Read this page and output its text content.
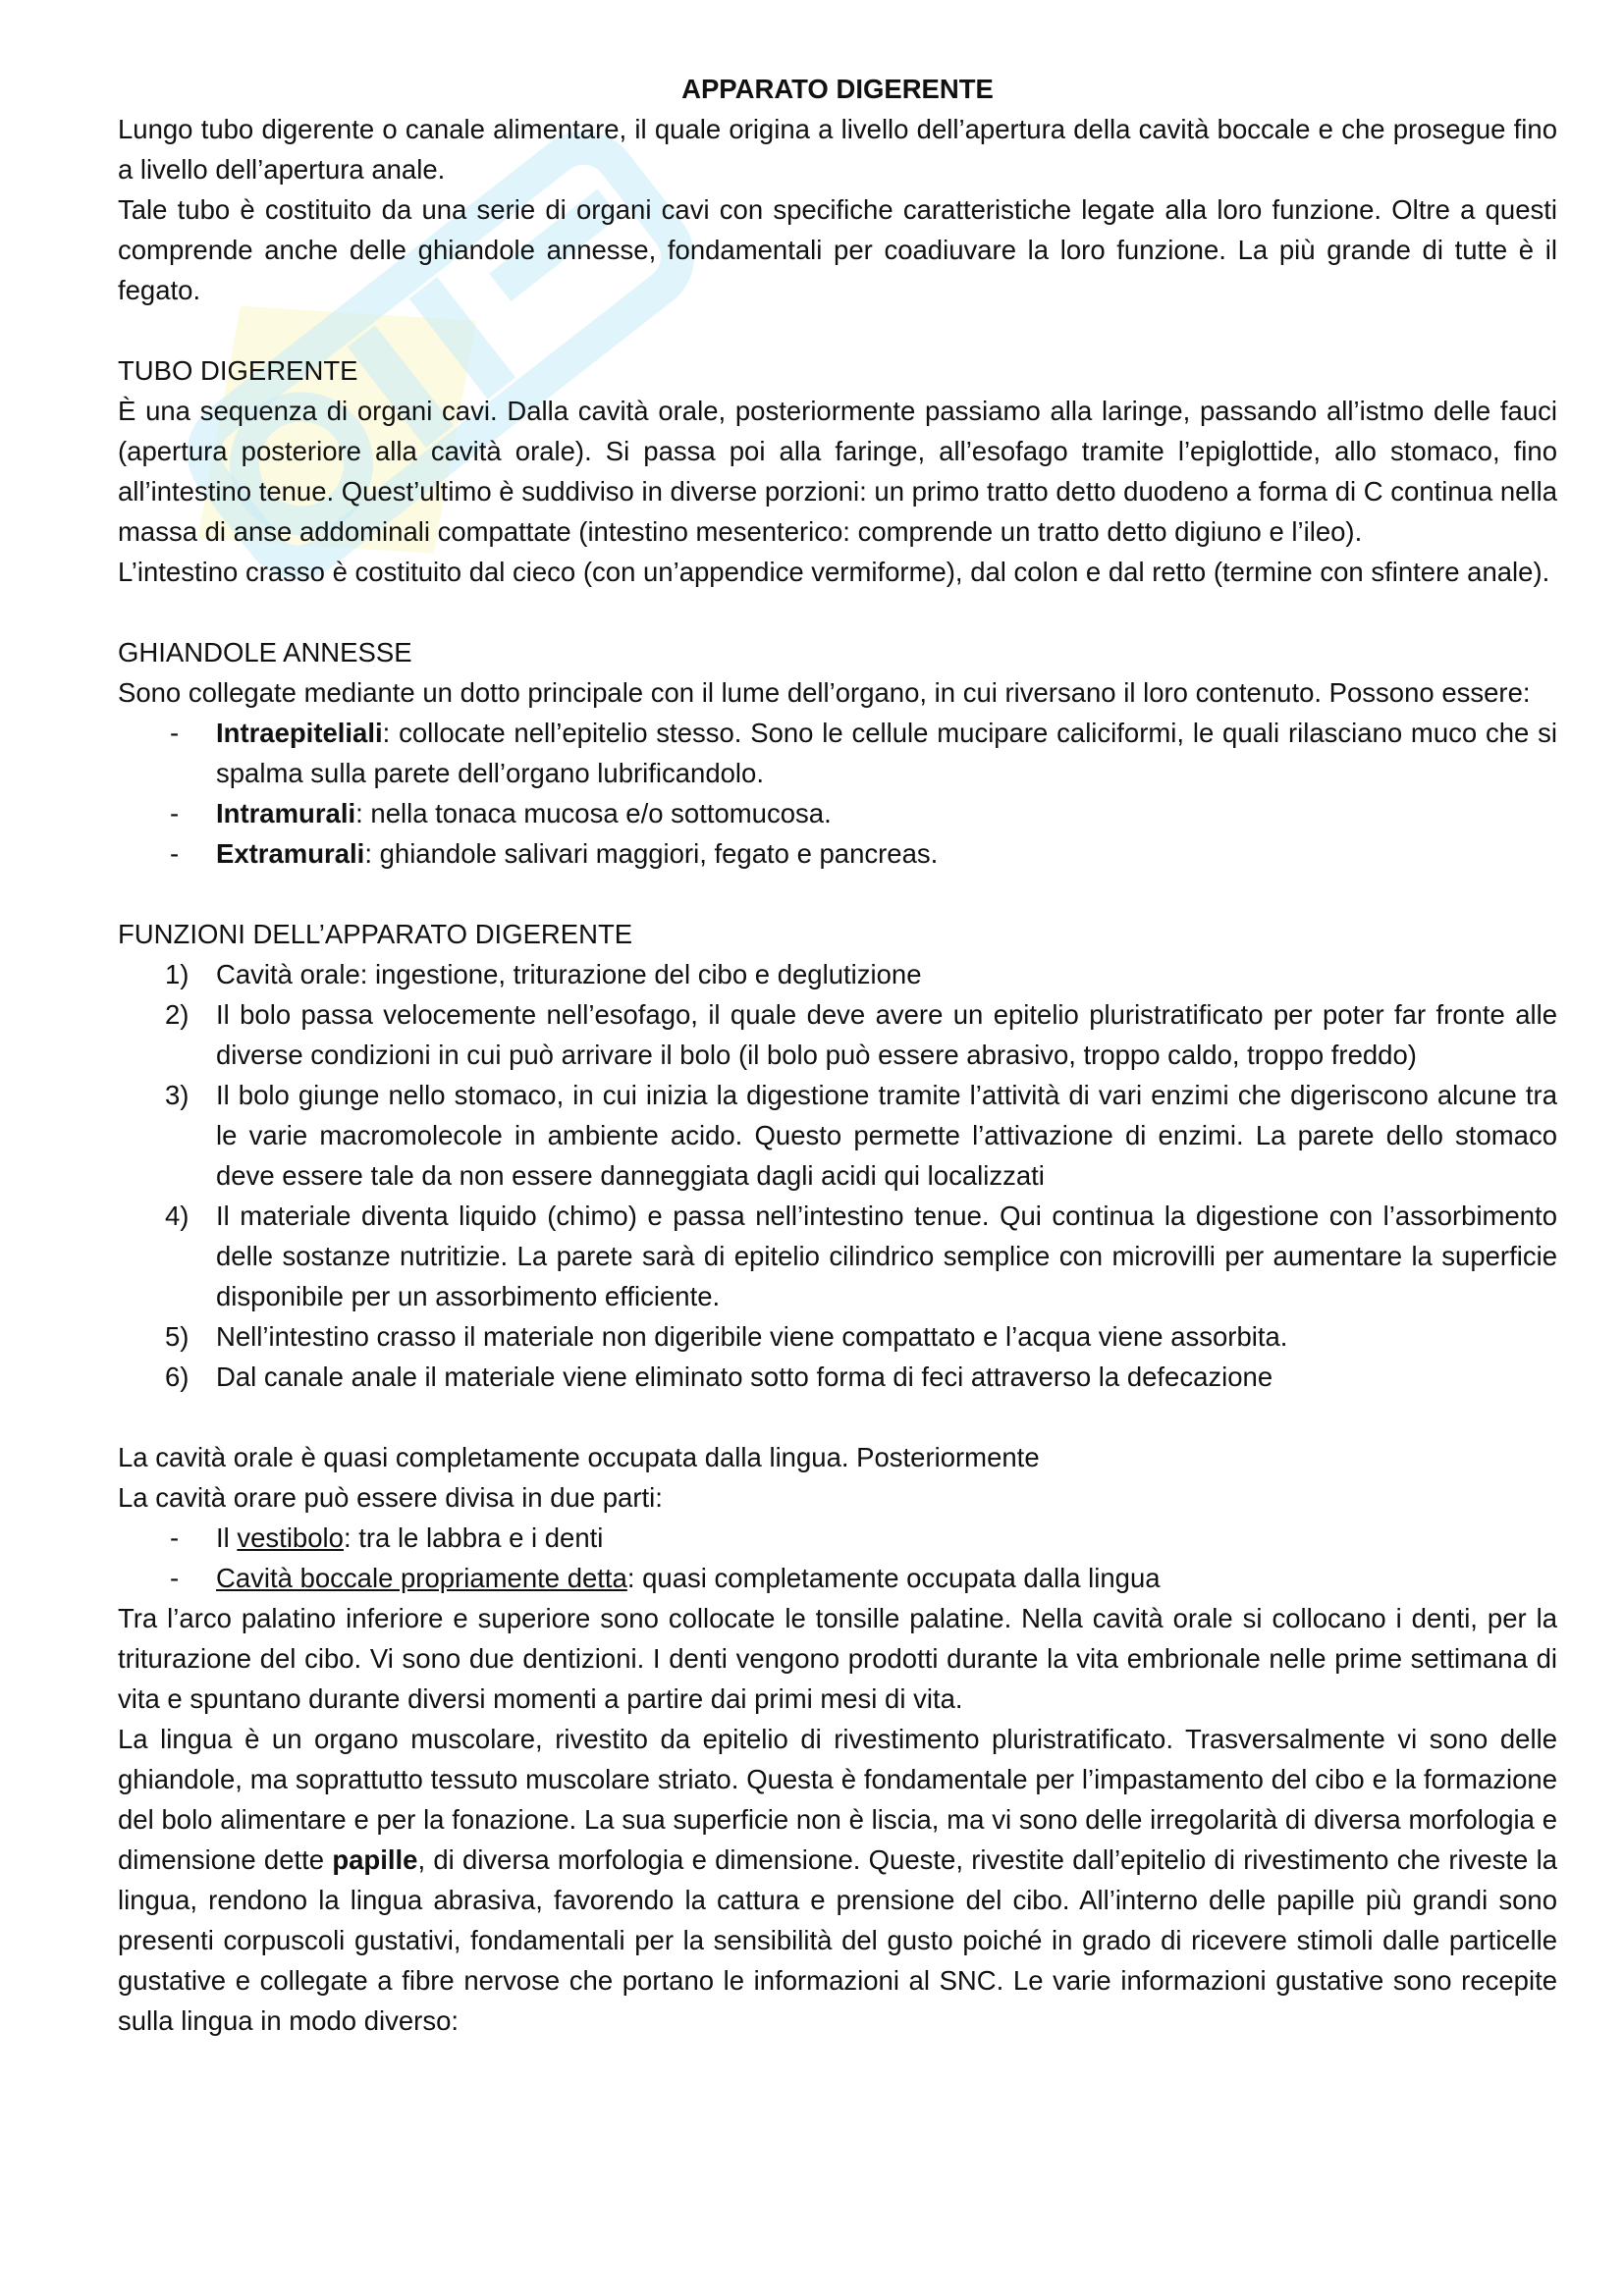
APPARATO DIGERENTE

Lungo tubo digerente o canale alimentare, il quale origina a livello dell’apertura della cavità boccale e che prosegue fino a livello dell’apertura anale.

Tale tubo è costituito da una serie di organi cavi con specifiche caratteristiche legate alla loro funzione. Oltre a questi comprende anche delle ghiandole annesse, fondamentali per coadiuvare la loro funzione. La più grande di tutte è il fegato.

TUBO DIGERENTE

È una sequenza di organi cavi. Dalla cavità orale, posteriormente passiamo alla laringe, passando all’istmo delle fauci (apertura posteriore alla cavità orale). Si passa poi alla faringe, all’esofago tramite l’epiglottide, allo stomaco, fino all’intestino tenue. Quest’ultimo è suddiviso in diverse porzioni: un primo tratto detto duodeno a forma di C continua nella massa di anse addominali compattate (intestino mesenterico: comprende un tratto detto digiuno e l’ileo).

L’intestino crasso è costituito dal cieco (con un’appendice vermiforme), dal colon e dal retto (termine con sfintere anale).

GHIANDOLE ANNESSE

Sono collegate mediante un dotto principale con il lume dell’organo, in cui riversano il loro contenuto. Possono essere:

- Intraepiteliali: collocate nell’epitelio stesso. Sono le cellule mucipare caliciformi, le quali rilasciano muco che si spalma sulla parete dell’organo lubrificandolo.
- Intramurali: nella tonaca mucosa e/o sottomucosa.
- Extramurali: ghiandole salivari maggiori, fegato e pancreas.

FUNZIONI DELL’APPARATO DIGERENTE

1) Cavità orale: ingestione, triturazione del cibo e deglutizione
2) Il bolo passa velocemente nell’esofago, il quale deve avere un epitelio pluristratificato per poter far fronte alle diverse condizioni in cui può arrivare il bolo (il bolo può essere abrasivo, troppo caldo, troppo freddo)
3) Il bolo giunge nello stomaco, in cui inizia la digestione tramite l’attività di vari enzimi che digeriscono alcune tra le varie macromolecole in ambiente acido. Questo permette l’attivazione di enzimi. La parete dello stomaco deve essere tale da non essere danneggiata dagli acidi qui localizzati
4) Il materiale diventa liquido (chimo) e passa nell’intestino tenue. Qui continua la digestione con l’assorbimento delle sostanze nutritizie. La parete sarà di epitelio cilindrico semplice con microvilli per aumentare la superficie disponibile per un assorbimento efficiente.
5) Nell’intestino crasso il materiale non digeribile viene compattato e l’acqua viene assorbita.
6) Dal canale anale il materiale viene eliminato sotto forma di feci attraverso la defecazione

La cavità orale è quasi completamente occupata dalla lingua. Posteriormente

La cavità orare può essere divisa in due parti:

- Il vestibolo: tra le labbra e i denti
- Cavità boccale propriamente detta: quasi completamente occupata dalla lingua

Tra l’arco palatino inferiore e superiore sono collocate le tonsille palatine. Nella cavità orale si collocano i denti, per la triturazione del cibo. Vi sono due dentizioni. I denti vengono prodotti durante la vita embrionale nelle prime settimana di vita e spuntano durante diversi momenti a partire dai primi mesi di vita.

La lingua è un organo muscolare, rivestito da epitelio di rivestimento pluristratificato. Trasversalmente vi sono delle ghiandole, ma soprattutto tessuto muscolare striato. Questa è fondamentale per l’impastamento del cibo e la formazione del bolo alimentare e per la fonazione. La sua superficie non è liscia, ma vi sono delle irregolarità di diversa morfologia e dimensione dette papille, di diversa morfologia e dimensione. Queste, rivestite dall’epitelio di rivestimento che riveste la lingua, rendono la lingua abrasiva, favorendo la cattura e prensione del cibo. All’interno delle papille più grandi sono presenti corpuscoli gustativi, fondamentali per la sensibilità del gusto poiché in grado di ricevere stimoli dalle particelle gustative e collegate a fibre nervose che portano le informazioni al SNC. Le varie informazioni gustative sono recepite sulla lingua in modo diverso:
